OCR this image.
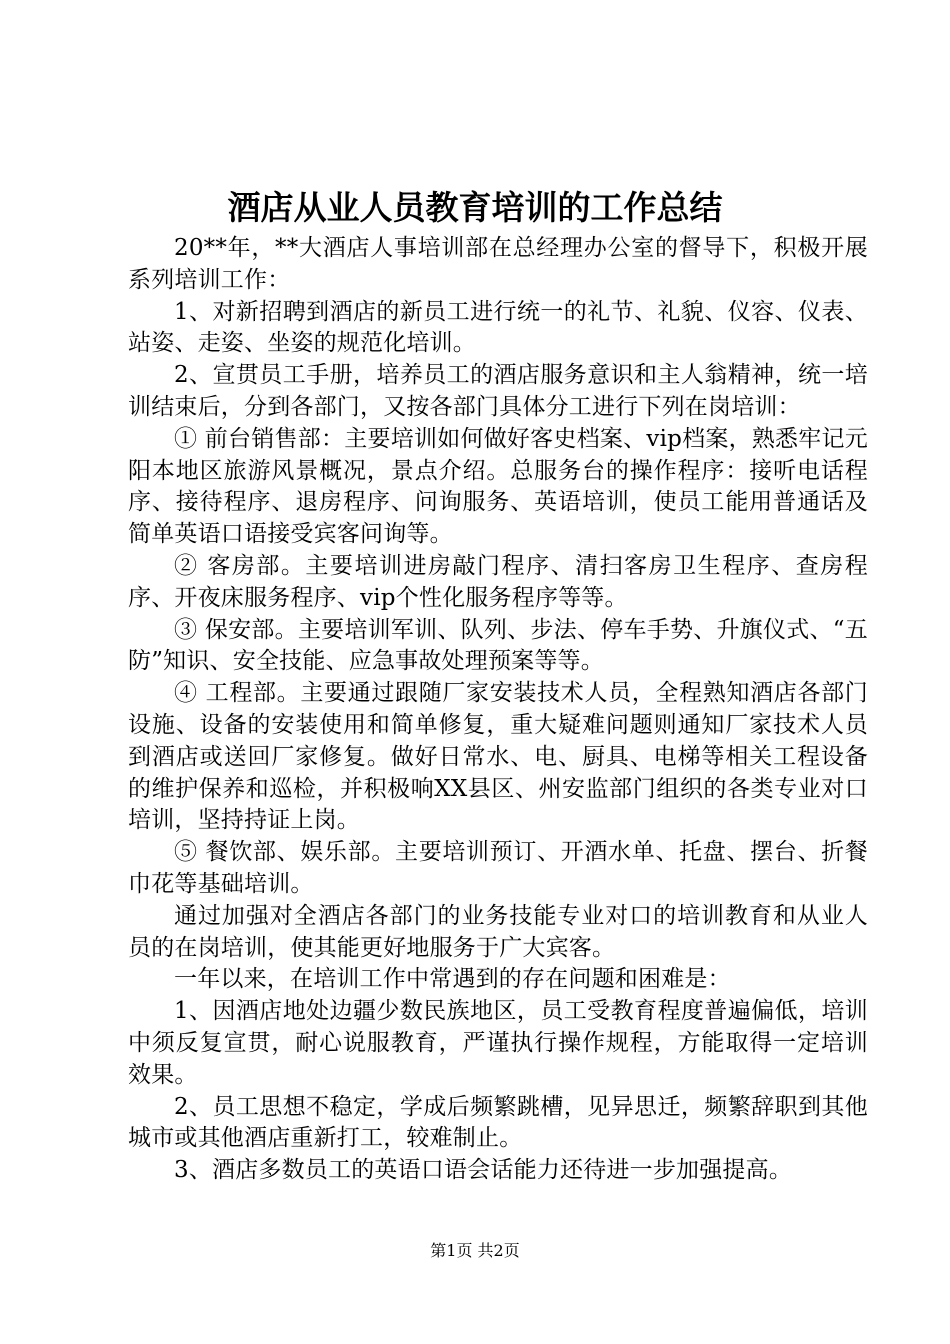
酒店从业人员教育培训的工作总结

20**年，**大酒店人事培训部在总经理办公室的督导下，积极开展系列培训工作：

1、对新招聘到酒店的新员工进行统一的礼节、礼貌、仪容、仪表、站姿、走姿、坐姿的规范化培训。

2、宣贯员工手册，培养员工的酒店服务意识和主人翁精神，统一培训结束后，分到各部门，又按各部门具体分工进行下列在岗培训：

① 前台销售部：主要培训如何做好客史档案、vip档案，熟悉牢记元阳本地区旅游风景概况，景点介绍。总服务台的操作程序：接听电话程序、接待程序、退房程序、问询服务、英语培训，使员工能用普通话及简单英语口语接受宾客问询等。

② 客房部。主要培训进房敲门程序、清扫客房卫生程序、查房程序、开夜床服务程序、vip个性化服务程序等等。

③ 保安部。主要培训军训、队列、步法、停车手势、升旗仪式、“五防”知识、安全技能、应急事故处理预案等等。

④ 工程部。主要通过跟随厂家安装技术人员，全程熟知酒店各部门设施、设备的安装使用和简单修复，重大疑难问题则通知厂家技术人员到酒店或送回厂家修复。做好日常水、电、厨具、电梯等相关工程设备的维护保养和巡检，并积极响XX县区、州安监部门组织的各类专业对口培训，坚持持证上岗。

⑤ 餐饮部、娱乐部。主要培训预订、开酒水单、托盘、摆台、折餐巾花等基础培训。

通过加强对全酒店各部门的业务技能专业对口的培训教育和从业人员的在岗培训，使其能更好地服务于广大宾客。

一年以来，在培训工作中常遇到的存在问题和困难是：

1、因酒店地处边疆少数民族地区，员工受教育程度普遍偏低，培训中须反复宣贯，耐心说服教育，严谨执行操作规程，方能取得一定培训效果。

2、员工思想不稳定，学成后频繁跳槽，见异思迁，频繁辞职到其他城市或其他酒店重新打工，较难制止。

3、酒店多数员工的英语口语会话能力还待进一步加强提高。

第1页 共2页
